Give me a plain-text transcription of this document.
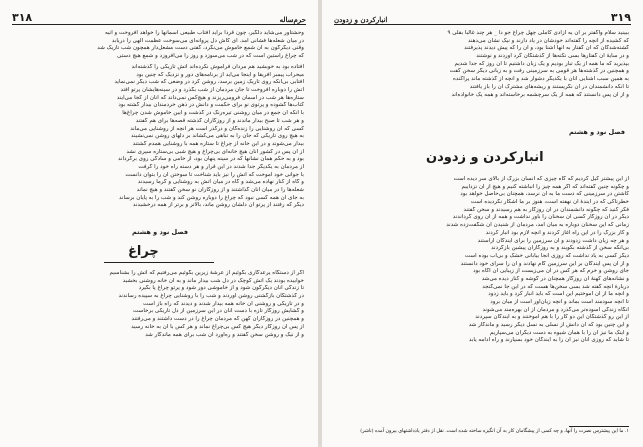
حرمِ‌ساله
۳۱۸
وحشتاور می‌شاید دلگیر، چون قردا برآید آفتاب طبیعی آسمانها را خواهد افروخت و آتیه
در میان شعله‌ها فشانی آمد. ای کاش دل پروانه‌ای می‌سوخت عظمت الهی را دریابد
وقتی دیگرگون به آن شمع خاموش می‌نگرد، گفتی دست مشعل‌دار همچون شب تاریک شد
که چراغ راستین است که در شب می‌سوزد و روز را می‌افروزد و شمع هیچ دستی
افتاده بود به خوبشید هم مردان فراموش نکرده‌اند آتش تاریکی را گذشته‌اند
میحراب پیمبر آفریقا و اینجا می‌آید از برنامه‌های دور و نزدیک که چنین بود
آفتابی بی‌آنکه روی تاریک زمین برسد، روشن کرد در وضعی که شب دیگر نمی‌نماید
آتش را دوباره افروخت تا جان مردمان از شب بگذرد و در سینه‌هایشان پرتو افتد
ستاره‌ها هر شب در آسمان فرومی‌ریزند و هیچ‌کس نمی‌داند که آنان از کجا می‌آیند
کتاب‌ها گشوده و پرتوی نو برای حکمت و دانش در ذهن خردمندان بیدار گشته بود
با آنکه آن جمع در میان روشنی تیره‌رنگ در گذشت و آیین خاموش شدن چراغ‌ها
و هر شب تا صبح بیدار ماندند و از روزگاران گذشته قصه‌ها برای هم گفتند
کسی که آن روشنایی را زنده‌گان و درگذر است هر آنچه از روشنایی می‌ماند
به هیچ روی تاریکی که جان را به تباهی می‌کشاند بر دلهای روشن نمی‌نشیند
بیدار می‌شوند و در این خانه از چراغ تا ستاره همه با روشنایی همدم گشتند
از آن پس در کشور آنان هیچ خانه‌ای بی‌چراغ و هیچ شبی بی‌ستاره سپری نشد
بود و به حکم همان نشانها که در سینه پنهان بود، از خامی و سادگی روی برگرداند
از مردمان به یکدیگر جدا شدند در این قرار و هر دسته راه خود را گرفت
با جوانی خود آموخت که آتش را نیز باید شناخت تا سوختن آن را بتوان دانست
و گاه از کنار نهاده می‌شد و گاه در میان آتش به روشنایی و گرما رسیدند
شعله‌ها را در میان آنان گذاشتند و از روزگاران نو سخن گفتند و هیچ نماند
به جای آن همه کسی نبود که چراغ را دوباره روشن کند و شب را به پایان برساند
دیگر که رفتند از پرتو آن دلشان روشن ماند، بالاتر و برتر از همه درخشیدند
فصل نود و هشتم
چراغ
اگر از دستگاه پرعدگاری بگوئیم از عرشهٔ زیرین بگوئیم می‌رفتیم که آتش را بشناسیم
خوابیده بودند یک آتش کوچک در دل شب بیدار ماند و به آن خانه روشنی بخشید
تا زندگی آنان دیگرگون شود و از خاموشی دور شود و پرتو چراغ پا بگیرد
در گذشتگان بازگشتی روشن آوردند و شب را با روشنایی چراغ به سپیده رساندند
و در تاریکی و روشنی آن خانه همه بیدار شدند و دیدند که راه باز است
و گشایش روزگار تازه با دست آنان در این سرزمین از دل تاریکی برخاست
و همچنین در روزگاران کهن که مردمان چراغ را در دست داشتند و می‌رفتند
از پس آن روزگار دیگر هیچ کس بی‌چراغ نماند و هر کس با آن به خانه رسید
و از نیک و روشن سخن گفتند و ره‌آورد آن شب برای همه ماندگار شد
۳۱۹
انبارکردن و زدودن
ببینید سلام واگفتر بر آن یه آزادی کاملی چهل چراغ جو دا _ هر چند غالباً بقلی ۹
که کشیده از آنچه را گفته‌اند خودشان در یاد دارند و نیک نشان می‌دهند
گشته‌شدگان که آن گفتار به آنها آشنا بود، و آن را که پیش دیدند پذیرفتند
و در سایهٔ آن گفتارها بسی نکته‌ها از گذشتگان گرد آوردند و نوشتند
بپذیرید که ما همه از یک تبار بودیم و یک زبان داشتیم تا آن روز که جدا شدیم
و همچنین در گذشته‌ها هر قومی به سرزمینی رفت و به زبانی دیگر سخن گفت
به همین سبب آشنایی آنان با یکدیگر دشوار شد و آنچه از گذشته ماند پراکنده
تا آنکه دانشمندان در آن نگریستند و ریشه‌های مشترک آن را باز یافتند
و از آن پس دانستند که همه از یک سرچشمه برخاسته‌اند و همه یک خانواده‌اند
فصل نود و هشتم
انبارکردن و زدودن
از این پیشتر کیل کردیم که گاه چیزی که انسان بزرگ از بالای سر دیده است
و چگونه چنین گفته‌اند که اگر همه چیز را انباشته کنیم و هیچ از آن نزداییم
کاشتن در سرزمینی که دست ما به آن نرسد، همچنان بی‌حاصل خواهد بود
خطرناکی که در آیندهٔ آن نهفته است، هنوز بر ما آشکار نگردیده است
فکر کنید که چگونه دانشمندان در آن روزگار به هم رسیدند و سخن گفتند
دیگر در آن روزگار کسی آن سخنان را باور نداشت و همه از آن روی گرداندند
زمانی که این سخنان دوباره به میان آمد، مردمان از شنیدن آن شگفت‌زده شدند
و کار بزرگ را در این راه آغاز کردند و آنچه لازم بود انبار کردند
و هر چه زیان داشت زدودند و آن سرزمین را برای آیندگان آراستند
بی‌آنکه سخن از گذشته بگویند و به روزگاران پیشین بازگردند
دیگر کسی به یاد نداشت که روزی آنجا بیابانی خشک و بی‌آب بوده است
و از آن پس آیندگان بر این سرزمین گام نهادند و آن را سرای خود دانستند
جای روشن و خرم که هر کس در آن می‌زیست از زیبایی آن آگاه بود
و نشانه‌های کهنهٔ آن روزگار همچنان در گوشه و کنار دیده می‌شد
دربارهٔ آنچه گفته شد بسی سخن‌ها هست که در این جا نمی‌گنجد
و آنچه ما از آن آموختیم این است که باید انبار کرد و باید زدود
تا آنچه سودمند است بماند و آنچه زیان‌آور است از میان برود
آنگاه زندگی آسوده‌تر می‌گذرد و مردمان از آن بهره‌مند می‌شوند
از این رو گذشتگان این دو کار را با هم آموختند و به آیندگان سپردند
و این چنین بود که آن دانش از نسلی به نسل دیگر رسید و ماندگار شد
و اینک ما نیز آن را با همان شیوه به دست دیگران می‌سپاریم
تا شاید که روزی آنان نیز آن را به آیندگان خود بسپارند و راه ادامه یابد
۱. ما این پیشترس نصرت را آنها، و چه کسی از پیشگامان کار به آن انگیزه ساخته شده است. نقل از دفتر یادداشتهای بیرون آمده (ناشر)
